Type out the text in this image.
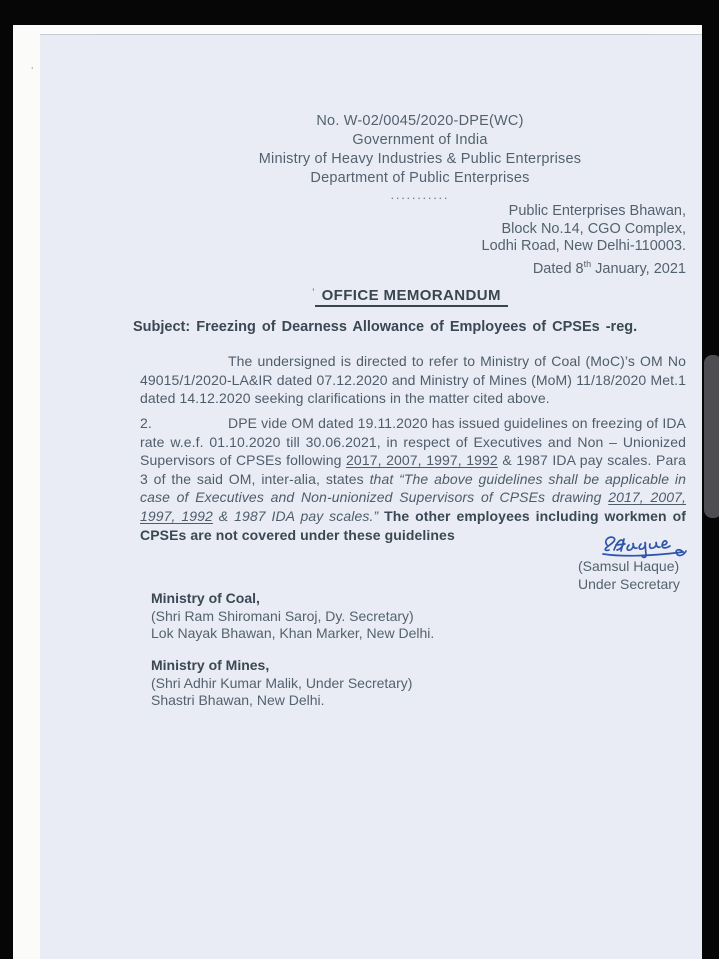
’
No. W-02/0045/2020-DPE(WC)
Government of India
Ministry of Heavy Industries & Public Enterprises
Department of Public Enterprises
...........
Public Enterprises Bhawan,
Block No.14, CGO Complex,
Lodhi Road, New Delhi-110003.
Dated 8th January, 2021
’ OFFICE MEMORANDUM
Subject: Freezing of Dearness Allowance of Employees of CPSEs -reg.
The undersigned is directed to refer to Ministry of Coal (MoC)’s OM No 49015/1/2020-LA&IR dated 07.12.2020 and Ministry of Mines (MoM) 11/18/2020 Met.1 dated 14.12.2020 seeking clarifications in the matter cited above.
2.	DPE vide OM dated 19.11.2020 has issued guidelines on freezing of IDA rate w.e.f. 01.10.2020 till 30.06.2021, in respect of Executives and Non – Unionized Supervisors of CPSEs following 2017, 2007, 1997, 1992 & 1987 IDA pay scales. Para 3 of the said OM, inter-alia, states that “The above guidelines shall be applicable in case of Executives and Non-unionized Supervisors of CPSEs drawing 2017, 2007, 1997, 1992 & 1987 IDA pay scales.” The other employees including workmen of CPSEs are not covered under these guidelines
(Samsul Haque)
Under Secretary
Ministry of Coal,
(Shri Ram Shiromani Saroj, Dy. Secretary)
Lok Nayak Bhawan, Khan Marker, New Delhi.
Ministry of Mines,
(Shri Adhir Kumar Malik, Under Secretary)
Shastri Bhawan, New Delhi.
